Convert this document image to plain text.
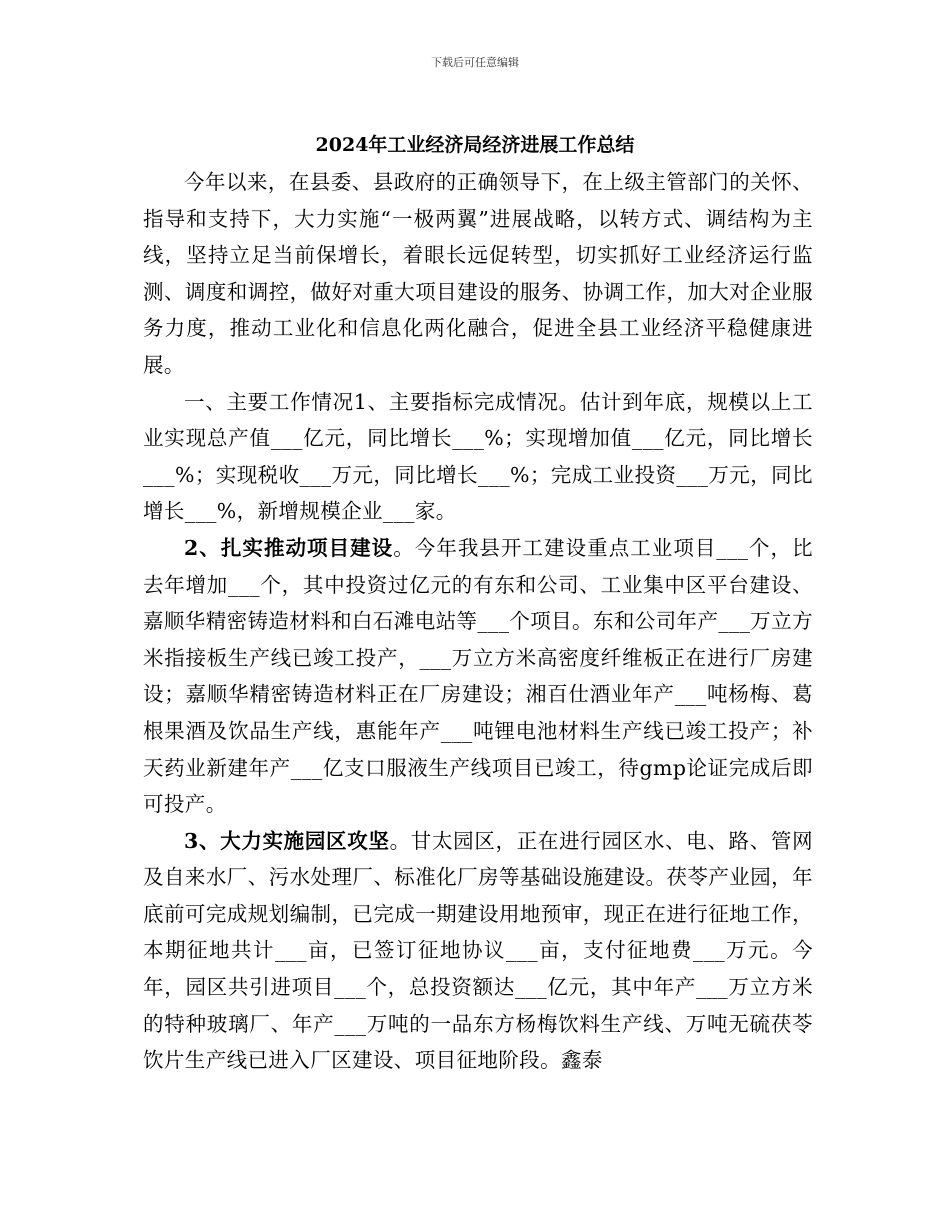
下载后可任意编辑
2024年工业经济局经济进展工作总结

今年以来，在县委、县政府的正确领导下，在上级主管部门的关怀、指导和支持下，大力实施“一极两翼”进展战略，以转方式、调结构为主线，坚持立足当前保增长，着眼长远促转型，切实抓好工业经济运行监测、调度和调控，做好对重大项目建设的服务、协调工作，加大对企业服务力度，推动工业化和信息化两化融合，促进全县工业经济平稳健康进展。

一、主要工作情况1、主要指标完成情况。估计到年底，规模以上工业实现总产值___亿元，同比增长___%；实现增加值___亿元，同比增长___%；实现税收___万元，同比增长___%；完成工业投资___万元，同比增长___%，新增规模企业___家。

2、扎实推动项目建设。今年我县开工建设重点工业项目___个，比去年增加___个，其中投资过亿元的有东和公司、工业集中区平台建设、嘉顺华精密铸造材料和白石滩电站等___个项目。东和公司年产___万立方米指接板生产线已竣工投产，___万立方米高密度纤维板正在进行厂房建设；嘉顺华精密铸造材料正在厂房建设；湘百仕酒业年产___吨杨梅、葛根果酒及饮品生产线，惠能年产___吨锂电池材料生产线已竣工投产；补天药业新建年产___亿支口服液生产线项目已竣工，待gmp论证完成后即可投产。

3、大力实施园区攻坚。甘太园区，正在进行园区水、电、路、管网及自来水厂、污水处理厂、标准化厂房等基础设施建设。茯苓产业园，年底前可完成规划编制，已完成一期建设用地预审，现正在进行征地工作，本期征地共计___亩，已签订征地协议___亩，支付征地费___万元。今年，园区共引进项目___个，总投资额达___亿元，其中年产___万立方米的特种玻璃厂、年产___万吨的一品东方杨梅饮料生产线、万吨无硫茯苓饮片生产线已进入厂区建设、项目征地阶段。鑫泰
